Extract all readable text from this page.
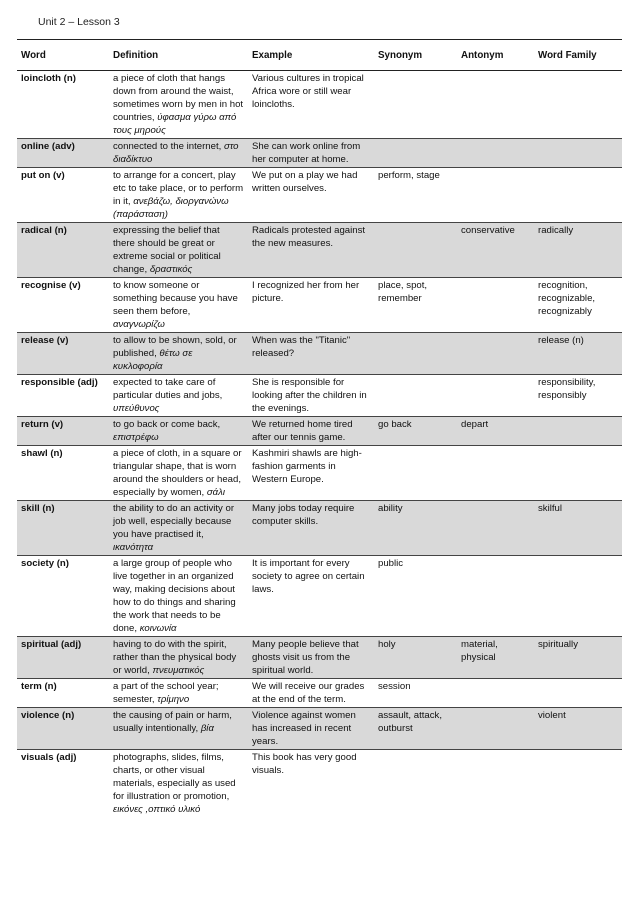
Unit 2 – Lesson 3
Word	Definition	Example	Synonym	Antonym	Word Family
loincloth (n)	a piece of cloth that hangs down from around the waist, sometimes worn by men in hot countries, ύφασμα γύρω από τους μηρούς	Various cultures in tropical Africa wore or still wear loincloths.			
online (adv)	connected to the internet, στο διαδίκτυο	She can work online from her computer at home.			
put on (v)	to arrange for a concert, play etc to take place, or to perform in it, ανεβάζω, διοργανώνω (παράσταση)	We put on a play we had written ourselves.	perform, stage		
radical (n)	expressing the belief that there should be great or extreme social or political change, δραστικός	Radicals protested against the new measures.		conservative	radically
recognise (v)	to know someone or something because you have seen them before, αναγνωρίζω	I recognized her from her picture.	place, spot, remember		recognition, recognizable, recognizably
release (v)	to allow to be shown, sold, or published, θέτω σε κυκλοφορία	When was the "Titanic" released?			release (n)
responsible (adj)	expected to take care of particular duties and jobs, υπεύθυνος	She is responsible for looking after the children in the evenings.			responsibility, responsibly
return (v)	to go back or come back, επιστρέφω	We returned home tired after our tennis game.	go back	depart	
shawl (n)	a piece of cloth, in a square or triangular shape, that is worn around the shoulders or head, especially by women, σάλι	Kashmiri shawls are high-fashion garments in Western Europe.			
skill (n)	the ability to do an activity or job well, especially because you have practised it, ικανότητα	Many jobs today require computer skills.	ability		skilful
society (n)	a large group of people who live together in an organized way, making decisions about how to do things and sharing the work that needs to be done, κοινωνία	It is important for every society to agree on certain laws.	public		
spiritual (adj)	having to do with the spirit, rather than the physical body or world, πνευματικός	Many people believe that ghosts visit us from the spiritual world.	holy	material, physical	spiritually
term (n)	a part of the school year; semester, τρίμηνο	We will receive our grades at the end of the term.	session		
violence (n)	the causing of pain or harm, usually intentionally, βία	Violence against women has increased in recent years.	assault, attack, outburst		violent
visuals (adj)	photographs, slides, films, charts, or other visual materials, especially as used for illustration or promotion, εικόνες ,οπτικό υλικό	This book has very good visuals.			
